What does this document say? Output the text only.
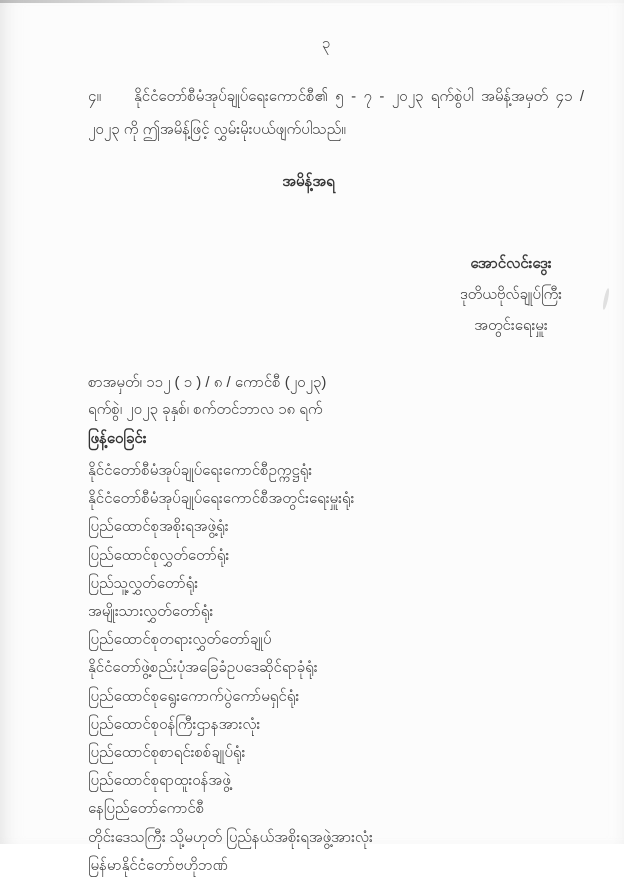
၃
၄။ နိုင်ငံတော်စီမံအုပ်ချုပ်ရေးကောင်စီ၏ ၅ - ၇ - ၂၀၂၃ ရက်စွဲပါ အမိန့်အမှတ် ၄၁ / ၂၀၂၃ ကို ဤအမိန့်ဖြင့် လွှမ်းမိုးပယ်ဖျက်ပါသည်။
အမိန့်အရ
အောင်လင်းဒွေး
ဒုတိယဗိုလ်ချုပ်ကြီး
အတွင်းရေးမှူး
စာအမှတ်၊ ၁၁၂ ( ၁ ) / ၈ / ကောင်စီ (၂၀၂၃)
ရက်စွဲ၊ ၂၀၂၃ ခုနှစ်၊ စက်တင်ဘာလ ၁၈ ရက်
ဖြန့်ဝေခြင်း
နိုင်ငံတော်စီမံအုပ်ချုပ်ရေးကောင်စီဥက္ကဋ္ဌရုံး
နိုင်ငံတော်စီမံအုပ်ချုပ်ရေးကောင်စီအတွင်းရေးမှူးရုံး
ပြည်ထောင်စုအစိုးရအဖွဲ့ရုံး
ပြည်ထောင်စုလွှတ်တော်ရုံး
ပြည်သူ့လွှတ်တော်ရုံး
အမျိုးသားလွှတ်တော်ရုံး
ပြည်ထောင်စုတရားလွှတ်တော်ချုပ်
နိုင်ငံတော်ဖွဲ့စည်းပုံအခြေခံဥပဒေဆိုင်ရာခုံရုံး
ပြည်ထောင်စုရွေးကောက်ပွဲကော်မရှင်ရုံး
ပြည်ထောင်စုဝန်ကြီးဌာနအားလုံး
ပြည်ထောင်စုစာရင်းစစ်ချုပ်ရုံး
ပြည်ထောင်စုရာထူးဝန်အဖွဲ့
နေပြည်တော်ကောင်စီ
တိုင်းဒေသကြီး သို့မဟုတ် ပြည်နယ်အစိုးရအဖွဲ့အားလုံး
မြန်မာနိုင်ငံတော်ဗဟိုဘဏ်
